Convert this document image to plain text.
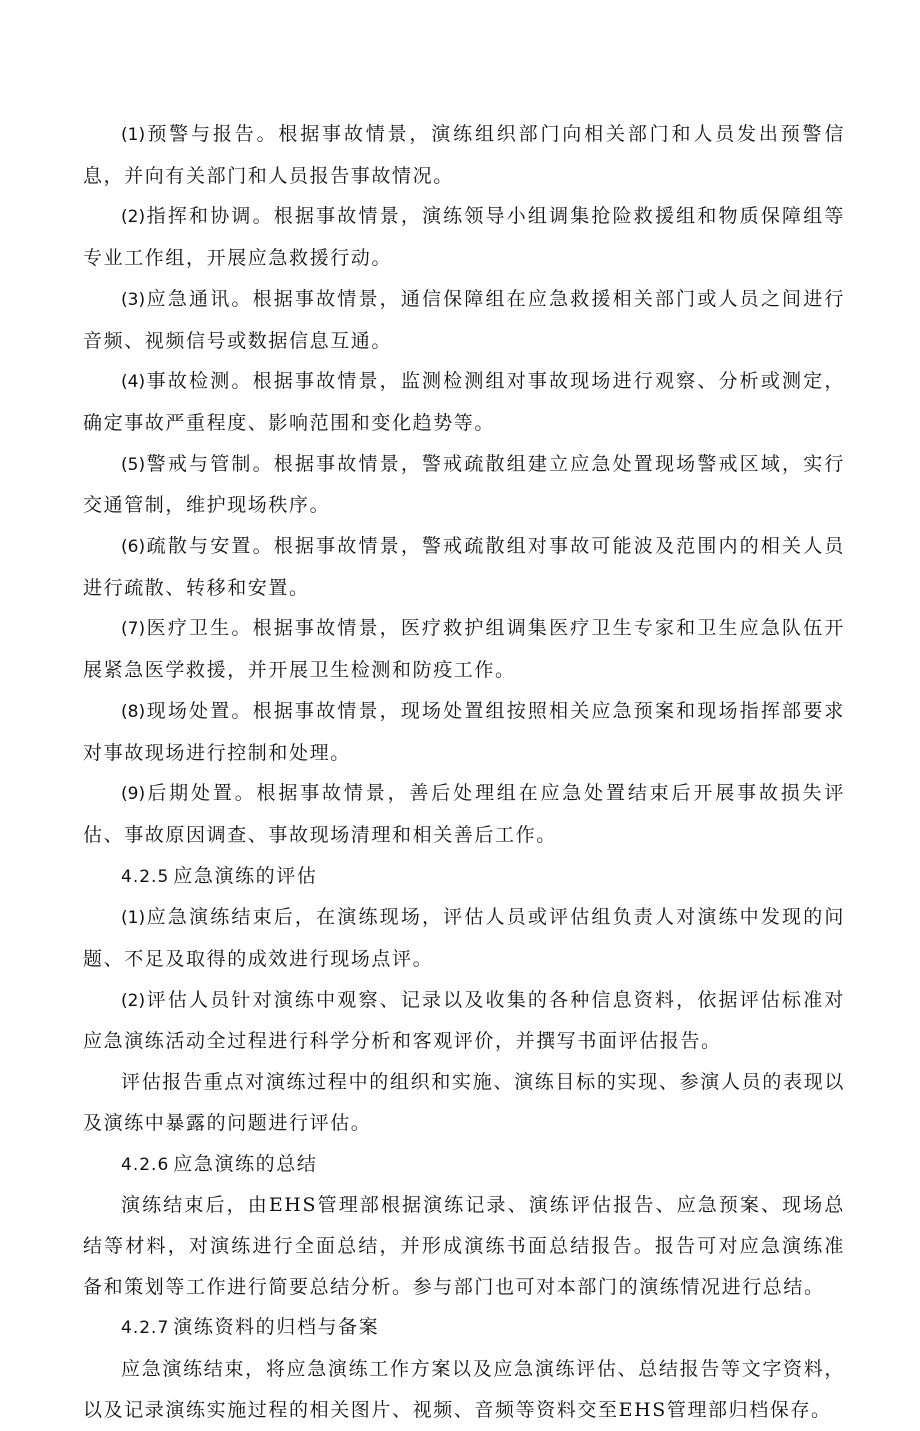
(1)预警与报告。根据事故情景，演练组织部门向相关部门和人员发出预警信息，并向有关部门和人员报告事故情况。

(2)指挥和协调。根据事故情景，演练领导小组调集抢险救援组和物质保障组等专业工作组，开展应急救援行动。

(3)应急通讯。根据事故情景，通信保障组在应急救援相关部门或人员之间进行音频、视频信号或数据信息互通。

(4)事故检测。根据事故情景，监测检测组对事故现场进行观察、分析或测定，确定事故严重程度、影响范围和变化趋势等。

(5)警戒与管制。根据事故情景，警戒疏散组建立应急处置现场警戒区域，实行交通管制，维护现场秩序。

(6)疏散与安置。根据事故情景，警戒疏散组对事故可能波及范围内的相关人员进行疏散、转移和安置。

(7)医疗卫生。根据事故情景，医疗救护组调集医疗卫生专家和卫生应急队伍开展紧急医学救援，并开展卫生检测和防疫工作。

(8)现场处置。根据事故情景，现场处置组按照相关应急预案和现场指挥部要求对事故现场进行控制和处理。

(9)后期处置。根据事故情景，善后处理组在应急处置结束后开展事故损失评估、事故原因调查、事故现场清理和相关善后工作。

4.2.5 应急演练的评估

(1)应急演练结束后，在演练现场，评估人员或评估组负责人对演练中发现的问题、不足及取得的成效进行现场点评。

(2)评估人员针对演练中观察、记录以及收集的各种信息资料，依据评估标准对应急演练活动全过程进行科学分析和客观评价，并撰写书面评估报告。

评估报告重点对演练过程中的组织和实施、演练目标的实现、参演人员的表现以及演练中暴露的问题进行评估。

4.2.6 应急演练的总结

演练结束后，由EHS管理部根据演练记录、演练评估报告、应急预案、现场总结等材料，对演练进行全面总结，并形成演练书面总结报告。报告可对应急演练准备和策划等工作进行简要总结分析。参与部门也可对本部门的演练情况进行总结。

4.2.7 演练资料的归档与备案

应急演练结束，将应急演练工作方案以及应急演练评估、总结报告等文字资料，以及记录演练实施过程的相关图片、视频、音频等资料交至EHS管理部归档保存。
